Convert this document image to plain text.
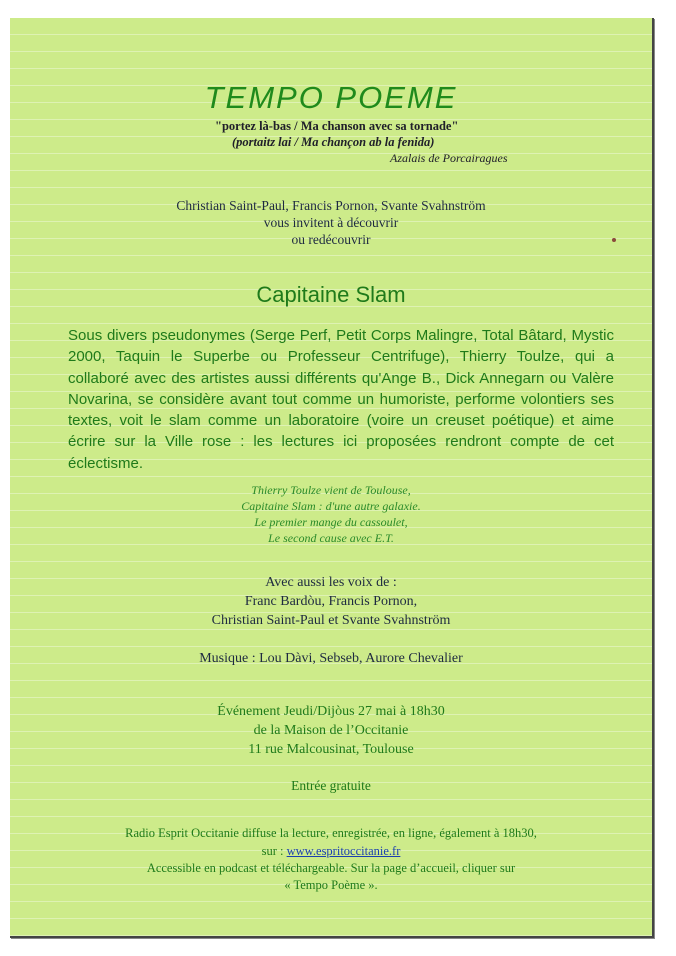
TEMPO POEME
"portez là-bas / Ma chanson avec sa tornade"
(portaitz lai / Ma chançon ab la fenida)
Azalais de Porcairagues
Christian Saint-Paul, Francis Pornon, Svante Svahnström
vous invitent à découvrir
ou redécouvrir
Capitaine Slam
Sous divers pseudonymes (Serge Perf, Petit Corps Malingre, Total Bâtard, Mystic 2000, Taquin le Superbe ou Professeur Centrifuge), Thierry Toulze, qui a collaboré avec des artistes aussi différents qu'Ange B., Dick Annegarn ou Valère Novarina, se considère avant tout comme un humoriste, performe volontiers ses textes, voit le slam comme un laboratoire (voire un creuset poétique) et aime écrire sur la Ville rose : les lectures ici proposées rendront compte de cet éclectisme.
Thierry Toulze vient de Toulouse,
Capitaine Slam : d'une autre galaxie.
Le premier mange du cassoulet,
Le second cause avec E.T.
Avec aussi les voix de :
Franc Bardòu, Francis Pornon,
Christian Saint-Paul et Svante Svahnström
Musique : Lou Dàvi, Sebseb, Aurore Chevalier
Événement Jeudi/Dijòus 27 mai à 18h30
de la Maison de l’Occitanie
11 rue Malcousinat, Toulouse
Entrée gratuite
Radio Esprit Occitanie diffuse la lecture, enregistrée, en ligne, également à 18h30,
sur : www.espritoccitanie.fr
Accessible en podcast et téléchargeable. Sur la page d’accueil, cliquer sur
« Tempo Poème ».
